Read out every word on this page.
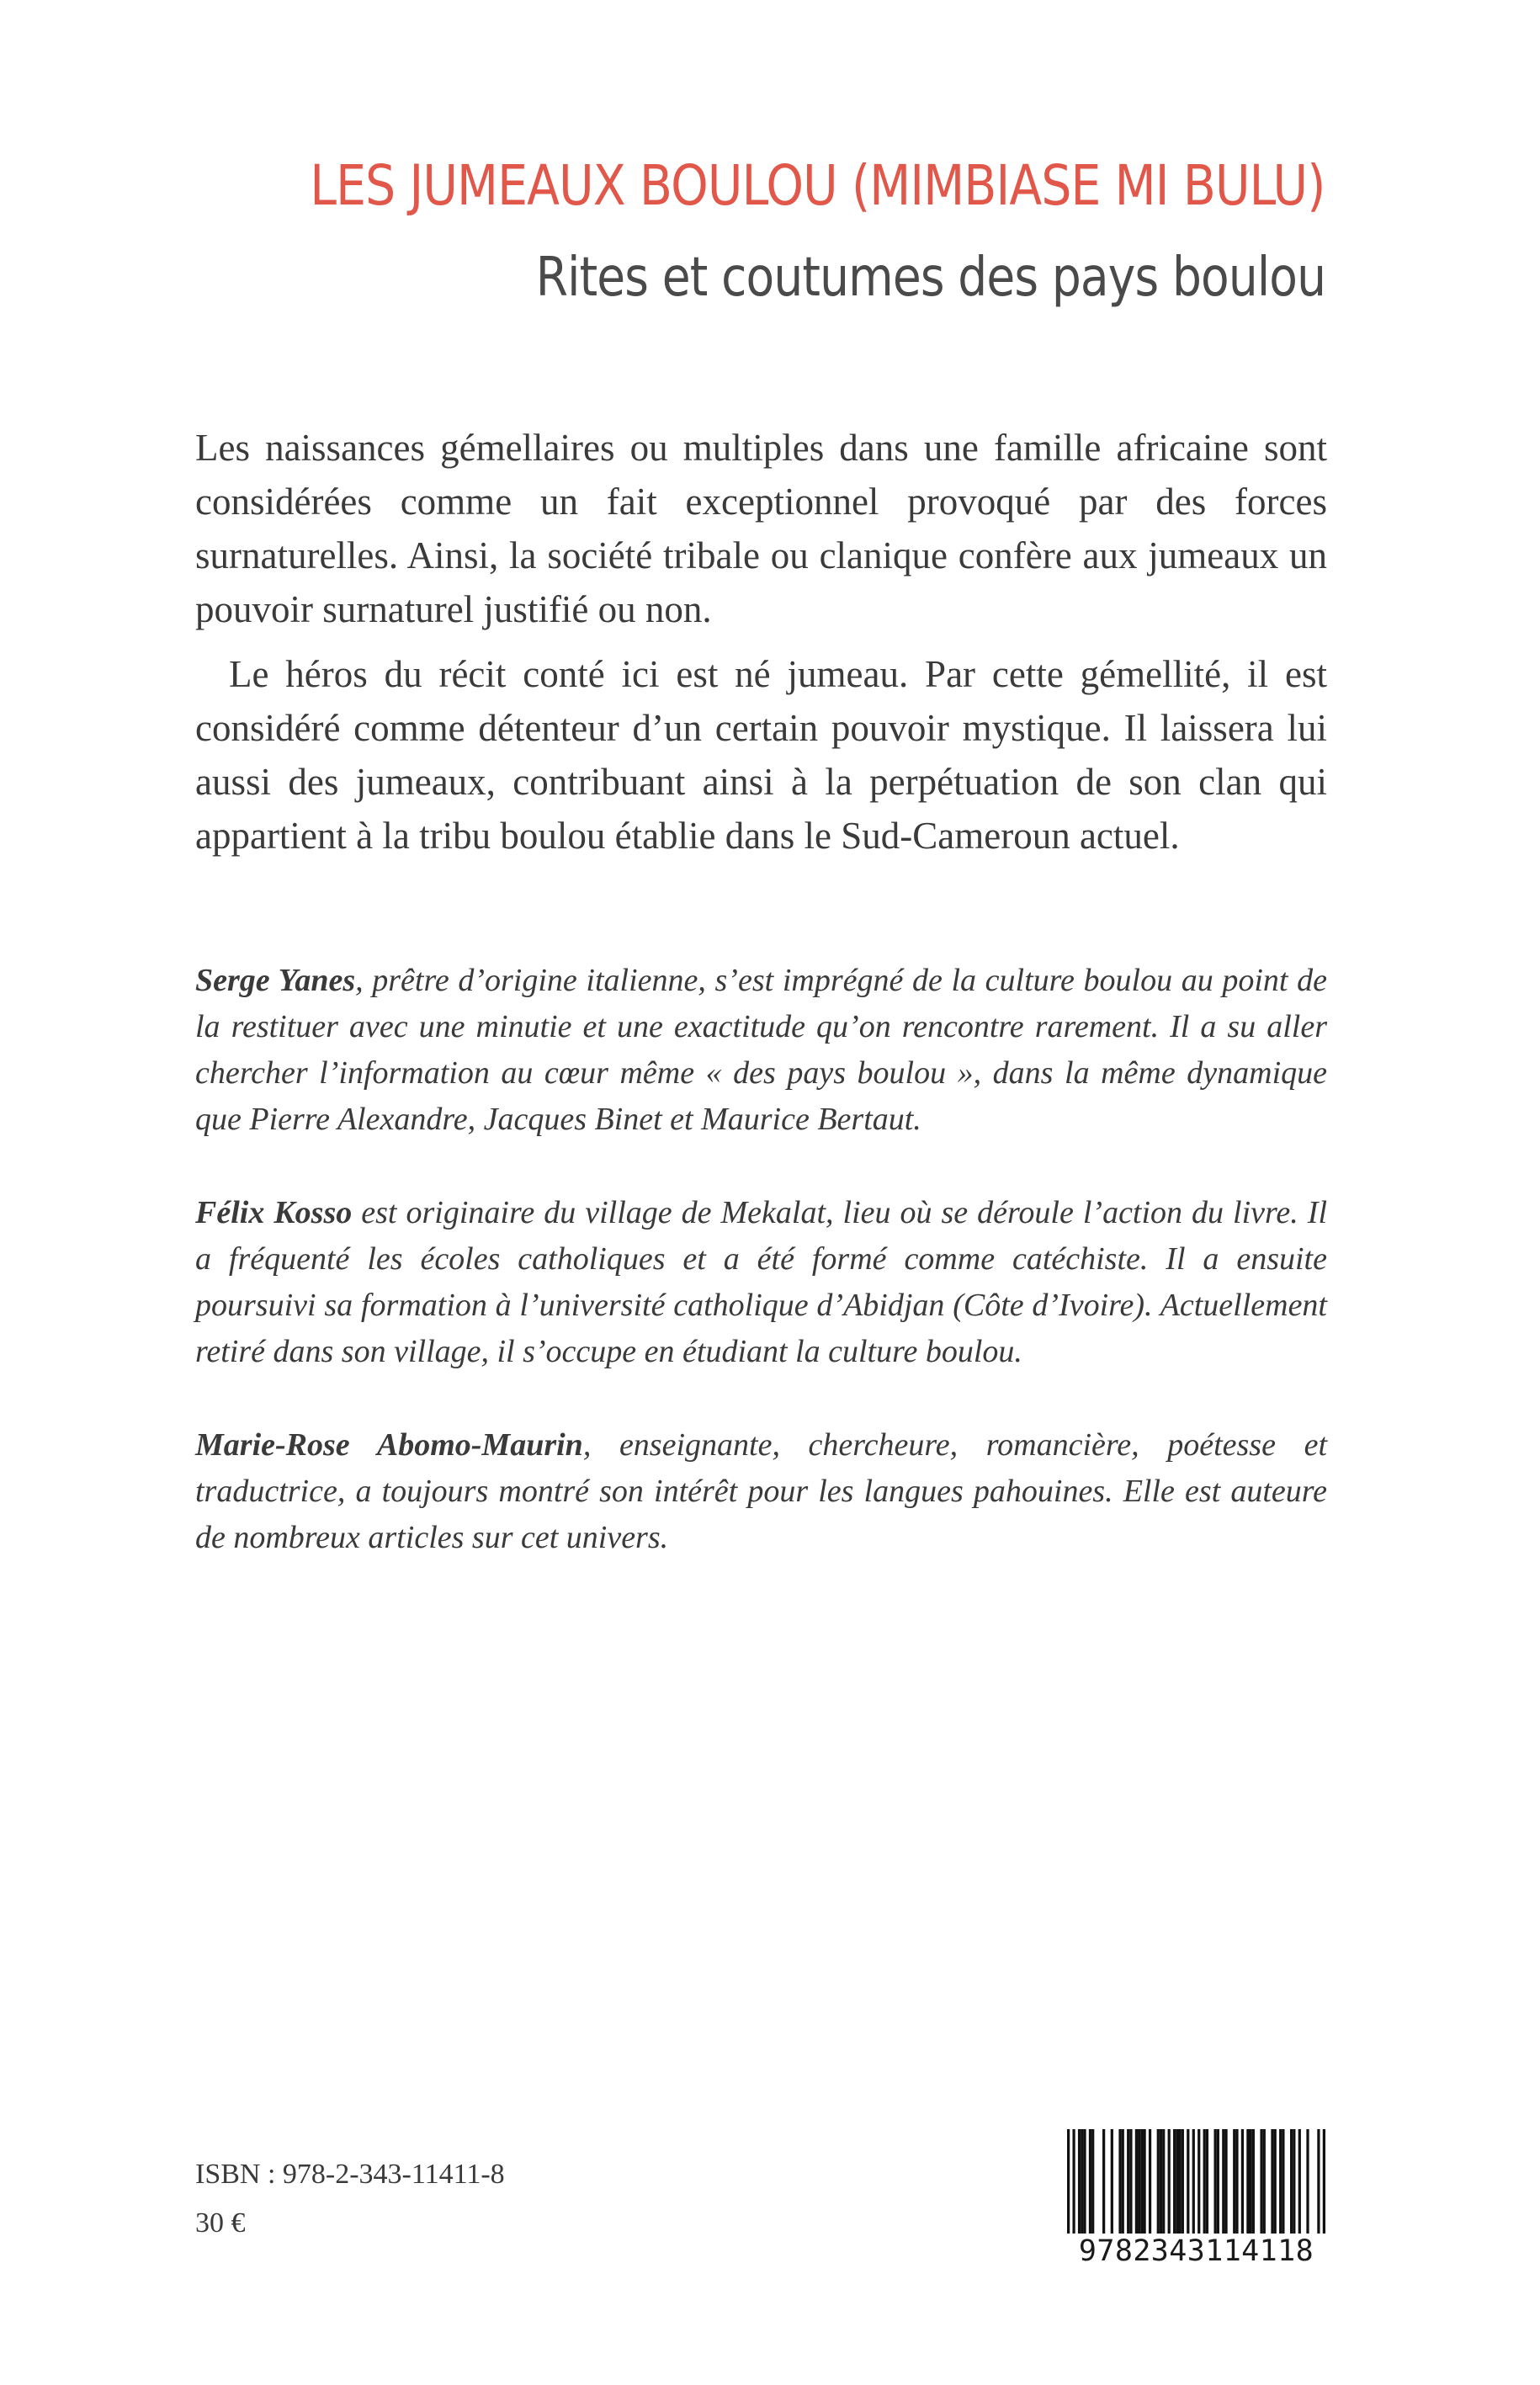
LES JUMEAUX BOULOU (MIMBIASE MI BULU)
Rites et coutumes des pays boulou

Les naissances gémellaires ou multiples dans une famille africaine sont considérées comme un fait exceptionnel provoqué par des forces surnaturelles. Ainsi, la société tribale ou clanique confère aux jumeaux un pouvoir surnaturel justifié ou non.

Le héros du récit conté ici est né jumeau. Par cette gémellité, il est considéré comme détenteur d’un certain pouvoir mystique. Il laissera lui aussi des jumeaux, contribuant ainsi à la perpétuation de son clan qui appartient à la tribu boulou établie dans le Sud-Cameroun actuel.

Serge Yanes, prêtre d’origine italienne, s’est imprégné de la culture boulou au point de la restituer avec une minutie et une exactitude qu’on rencontre rarement. Il a su aller chercher l’information au cœur même « des pays boulou », dans la même dynamique que Pierre Alexandre, Jacques Binet et Maurice Bertaut.

Félix Kosso est originaire du village de Mekalat, lieu où se déroule l’action du livre. Il a fréquenté les écoles catholiques et a été formé comme catéchiste. Il a ensuite poursuivi sa formation à l’université catholique d’Abidjan (Côte d’Ivoire). Actuellement retiré dans son village, il s’occupe en étudiant la culture boulou.

Marie-Rose Abomo-Maurin, enseignante, chercheure, romancière, poétesse et traductrice, a toujours montré son intérêt pour les langues pahouines. Elle est auteure de nombreux articles sur cet univers.

ISBN : 978-2-343-11411-8
30 €
9782343114118
